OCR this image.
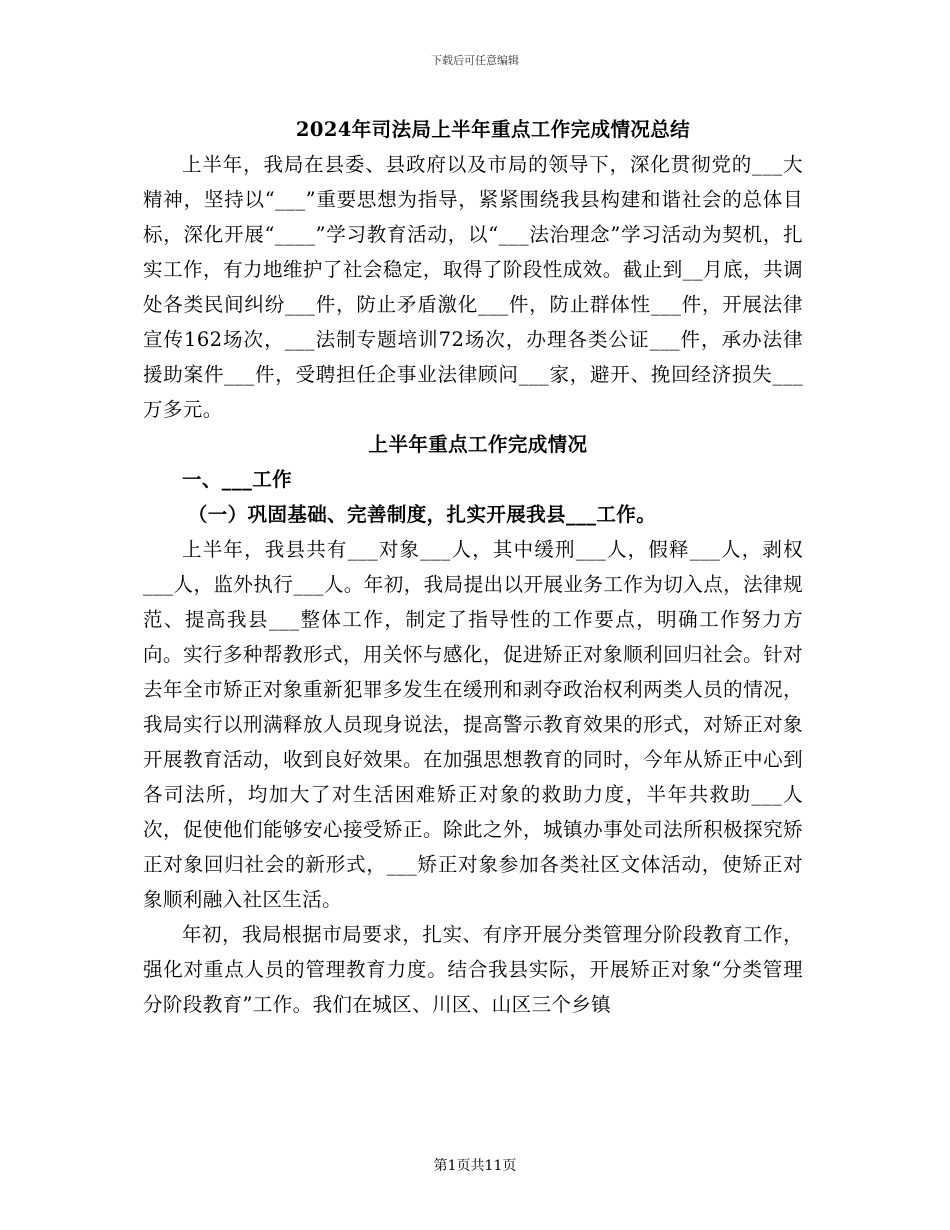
下载后可任意编辑

2024年司法局上半年重点工作完成情况总结

上半年，我局在县委、县政府以及市局的领导下，深化贯彻党的___大精神，坚持以“___”重要思想为指导，紧紧围绕我县构建和谐社会的总体目标，深化开展“____”学习教育活动，以“___法治理念”学习活动为契机，扎实工作，有力地维护了社会稳定，取得了阶段性成效。截止到__月底，共调处各类民间纠纷___件，防止矛盾激化___件，防止群体性___件，开展法律宣传162场次，___法制专题培训72场次，办理各类公证___件，承办法律援助案件___件，受聘担任企事业法律顾问___家，避开、挽回经济损失___万多元。

上半年重点工作完成情况

一、___工作

（一）巩固基础、完善制度，扎实开展我县___工作。

上半年，我县共有___对象___人，其中缓刑___人，假释___人，剥权___人，监外执行___人。年初，我局提出以开展业务工作为切入点，法律规范、提高我县___整体工作，制定了指导性的工作要点，明确工作努力方向。实行多种帮教形式，用关怀与感化，促进矫正对象顺利回归社会。针对去年全市矫正对象重新犯罪多发生在缓刑和剥夺政治权利两类人员的情况，我局实行以刑满释放人员现身说法，提高警示教育效果的形式，对矫正对象开展教育活动，收到良好效果。在加强思想教育的同时，今年从矫正中心到各司法所，均加大了对生活困难矫正对象的救助力度，半年共救助___人次，促使他们能够安心接受矫正。除此之外，城镇办事处司法所积极探究矫正对象回归社会的新形式，___矫正对象参加各类社区文体活动，使矫正对象顺利融入社区生活。

年初，我局根据市局要求，扎实、有序开展分类管理分阶段教育工作，强化对重点人员的管理教育力度。结合我县实际，开展矫正对象“分类管理分阶段教育”工作。我们在城区、川区、山区三个乡镇

第1页共11页
